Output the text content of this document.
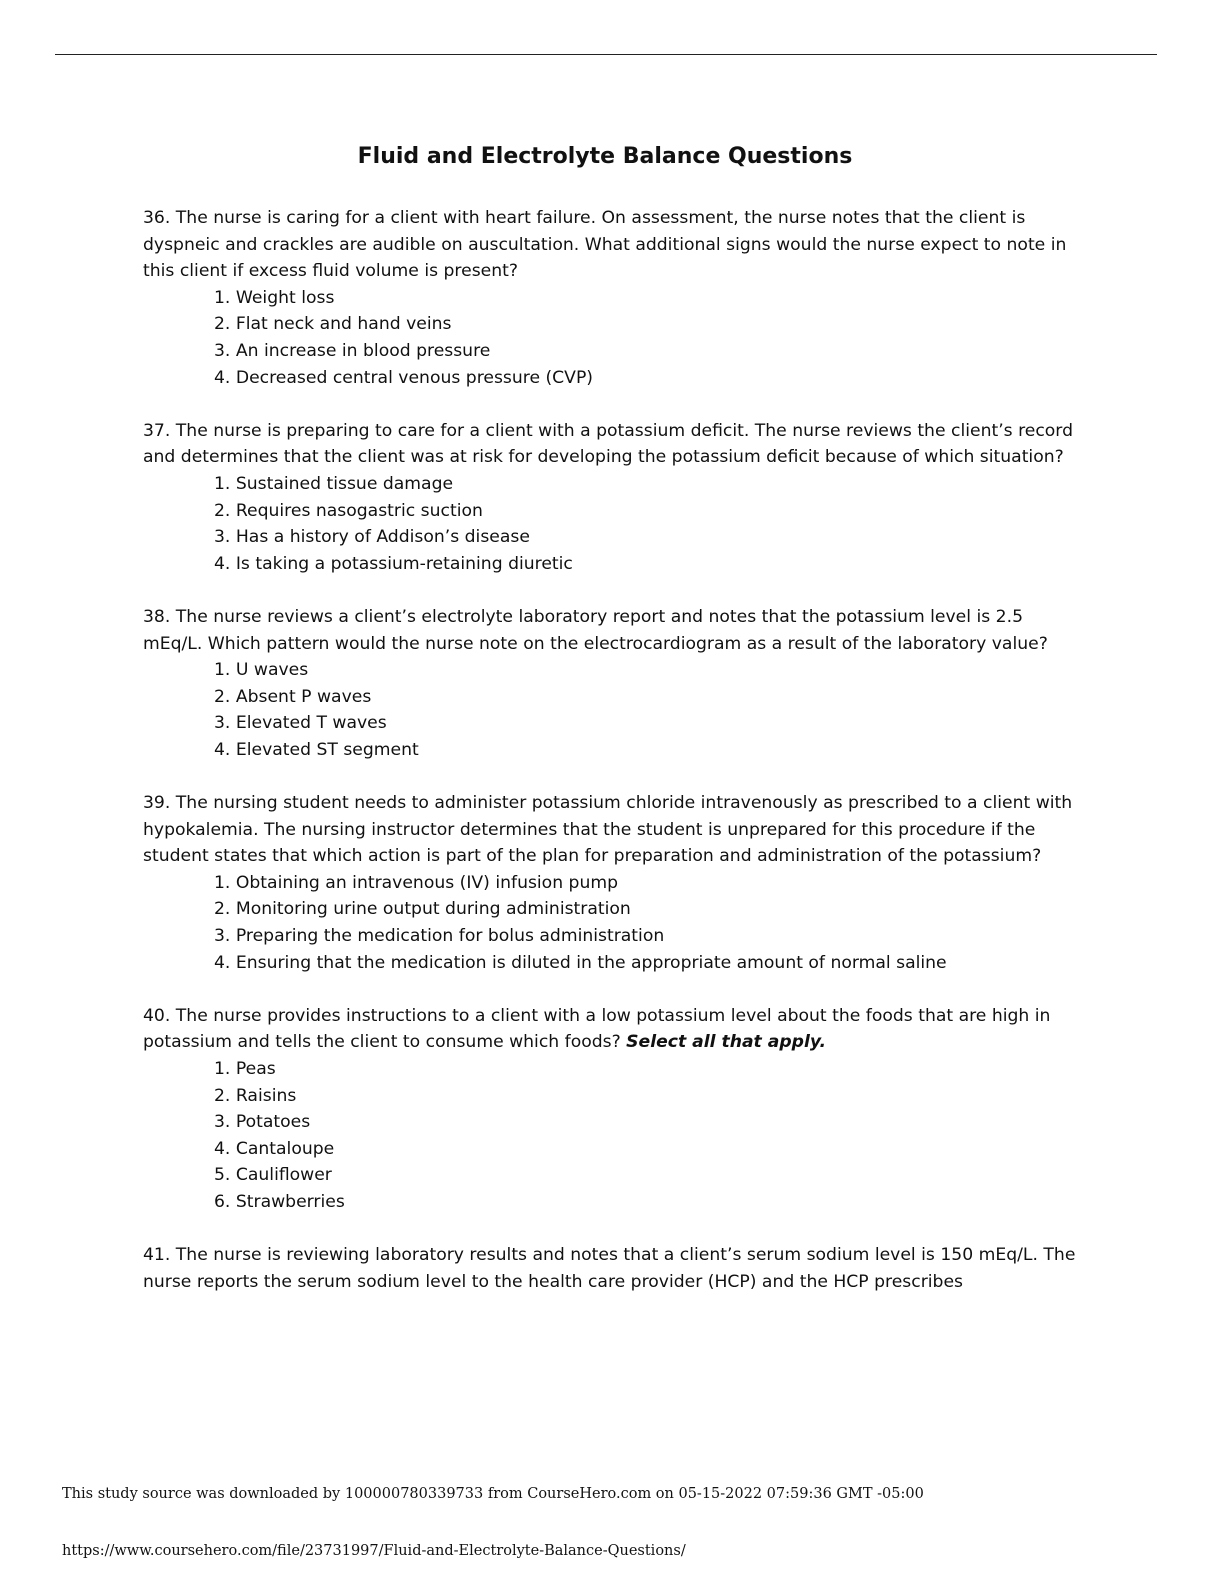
Fluid and Electrolyte Balance Questions

36. The nurse is caring for a client with heart failure. On assessment, the nurse notes that the client is dyspneic and crackles are audible on auscultation. What additional signs would the nurse expect to note in this client if excess fluid volume is present?

1. Weight loss
2. Flat neck and hand veins
3. An increase in blood pressure
4. Decreased central venous pressure (CVP)

37. The nurse is preparing to care for a client with a potassium deficit. The nurse reviews the client’s record and determines that the client was at risk for developing the potassium deficit because of which situation?

1. Sustained tissue damage
2. Requires nasogastric suction
3. Has a history of Addison’s disease
4. Is taking a potassium-retaining diuretic

38. The nurse reviews a client’s electrolyte laboratory report and notes that the potassium level is 2.5 mEq/L. Which pattern would the nurse note on the electrocardiogram as a result of the laboratory value?

1. U waves
2. Absent P waves
3. Elevated T waves
4. Elevated ST segment

39. The nursing student needs to administer potassium chloride intravenously as prescribed to a client with hypokalemia. The nursing instructor determines that the student is unprepared for this procedure if the student states that which action is part of the plan for preparation and administration of the potassium?

1. Obtaining an intravenous (IV) infusion pump
2. Monitoring urine output during administration
3. Preparing the medication for bolus administration
4. Ensuring that the medication is diluted in the appropriate amount of normal saline

40. The nurse provides instructions to a client with a low potassium level about the foods that are high in potassium and tells the client to consume which foods? Select all that apply.

1. Peas
2. Raisins
3. Potatoes
4. Cantaloupe
5. Cauliflower
6. Strawberries

41. The nurse is reviewing laboratory results and notes that a client’s serum sodium level is 150 mEq/L. The nurse reports the serum sodium level to the health care provider (HCP) and the HCP prescribes

This study source was downloaded by 100000780339733 from CourseHero.com on 05-15-2022 07:59:36 GMT -05:00
https://www.coursehero.com/file/23731997/Fluid-and-Electrolyte-Balance-Questions/
